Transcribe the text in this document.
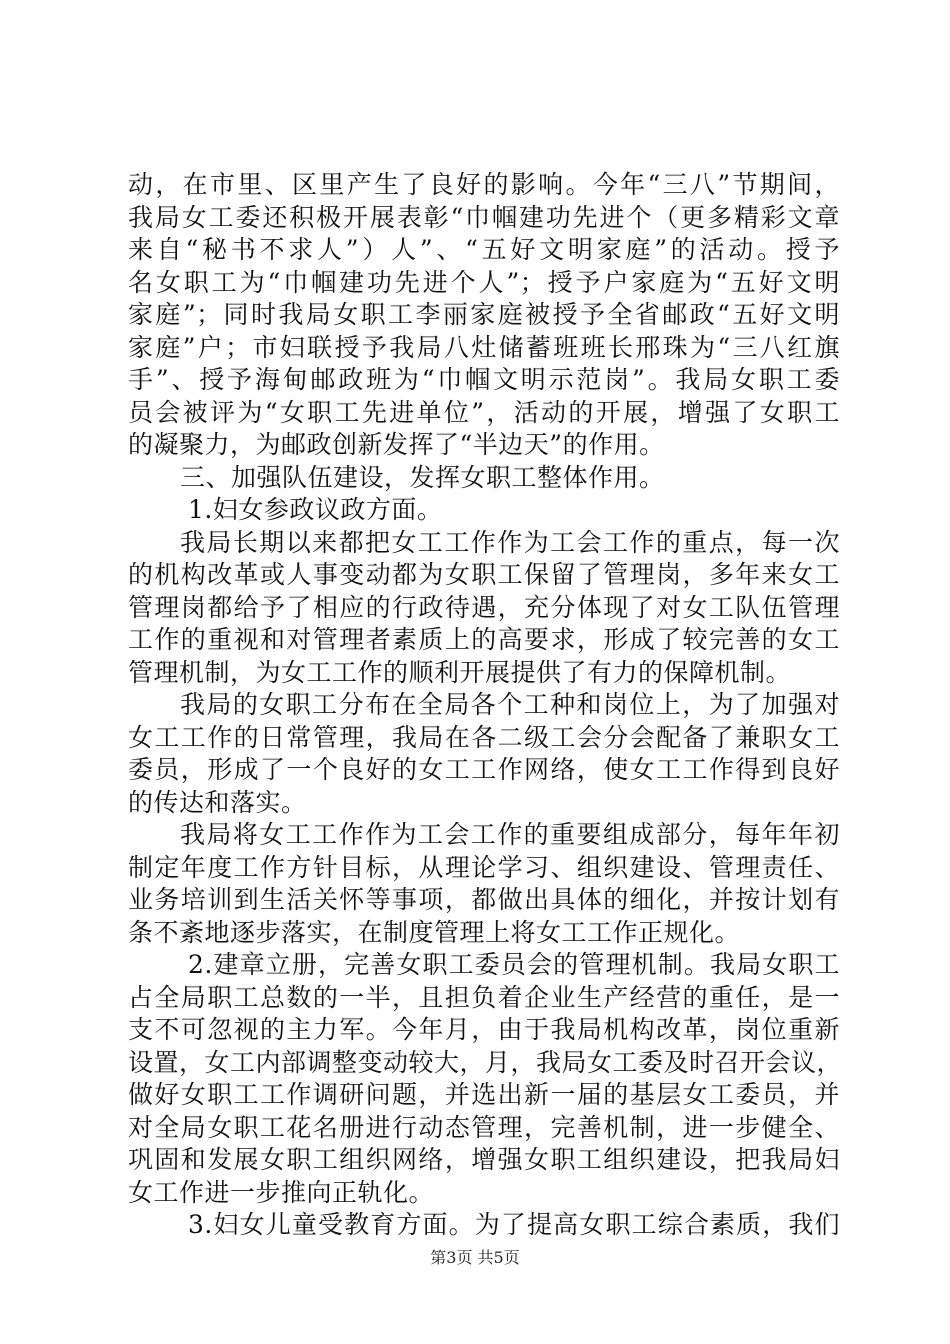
动，在市里、区里产生了良好的影响。今年“三八”节期间，
我局女工委还积极开展表彰“巾帼建功先进个（更多精彩文章
来自“秘书不求人”）人”、“五好文明家庭”的活动。授予
名女职工为“巾帼建功先进个人”；授予户家庭为“五好文明
家庭”；同时我局女职工李丽家庭被授予全省邮政“五好文明
家庭”户；市妇联授予我局八灶储蓄班班长邢珠为“三八红旗
手”、授予海甸邮政班为“巾帼文明示范岗”。我局女职工委
员会被评为“女职工先进单位”，活动的开展，增强了女职工
的凝聚力，为邮政创新发挥了“半边天”的作用。
三、加强队伍建设，发挥女职工整体作用。
1.妇女参政议政方面。
我局长期以来都把女工工作作为工会工作的重点，每一次
的机构改革或人事变动都为女职工保留了管理岗，多年来女工
管理岗都给予了相应的行政待遇，充分体现了对女工队伍管理
工作的重视和对管理者素质上的高要求，形成了较完善的女工
管理机制，为女工工作的顺利开展提供了有力的保障机制。
我局的女职工分布在全局各个工种和岗位上，为了加强对
女工工作的日常管理，我局在各二级工会分会配备了兼职女工
委员，形成了一个良好的女工工作网络，使女工工作得到良好
的传达和落实。
我局将女工工作作为工会工作的重要组成部分，每年年初
制定年度工作方针目标，从理论学习、组织建设、管理责任、
业务培训到生活关怀等事项，都做出具体的细化，并按计划有
条不紊地逐步落实，在制度管理上将女工工作正规化。
2.建章立册，完善女职工委员会的管理机制。我局女职工
占全局职工总数的一半，且担负着企业生产经营的重任，是一
支不可忽视的主力军。今年月，由于我局机构改革，岗位重新
设置，女工内部调整变动较大，月，我局女工委及时召开会议，
做好女职工工作调研问题，并选出新一届的基层女工委员，并
对全局女职工花名册进行动态管理，完善机制，进一步健全、
巩固和发展女职工组织网络，增强女职工组织建设，把我局妇
女工作进一步推向正轨化。
3.妇女儿童受教育方面。为了提高女职工综合素质，我们
第3页 共5页
